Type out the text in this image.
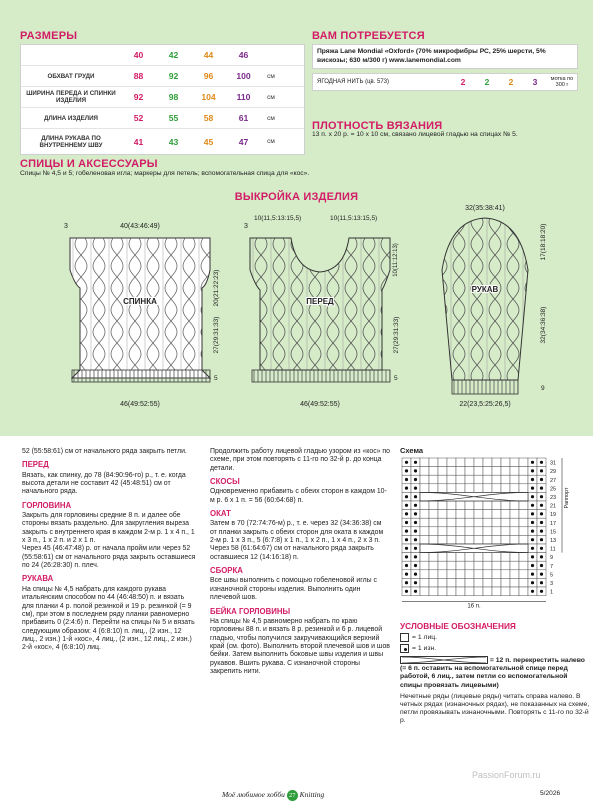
РАЗМЕРЫ
40	42	44	46
ОБХВАТ ГРУДИ	88	92	96	100	см
ШИРИНА ПЕРЕДА И СПИНКИ ИЗДЕЛИЯ	92	98	104	110	см
ДЛИНА ИЗДЕЛИЯ	52	55	58	61	см
ДЛИНА РУКАВА ПО ВНУТРЕННЕМУ ШВУ	41	43	45	47	см
ВАМ ПОТРЕБУЕТСЯ
Пряжа Lane Mondial «Oxford» (70% микрофибры РС, 25% шерсти, 5% вискозы; 630 м/300 г) www.lanemondial.com
ЯГОДНАЯ НИТЬ (цв. 573)	2	2	2	3	мотка по 300 г
ПЛОТНОСТЬ ВЯЗАНИЯ
13 п. х 20 р. = 10 х 10 см, связано лицевой гладью на спицах № 5.
СПИЦЫ И АКСЕССУАРЫ
Спицы № 4,5 и 5; гобеленовая игла; маркеры для петель; вспомогательная спица для «кос».
ВЫКРОЙКА ИЗДЕЛИЯ
СПИНКА
40(43:46:49)
3
46(49:52:55)
20(21:22:23)
27(29:31:33)
5
ПЕРЕД
10(11,5:13:15,5)	10(11,5:13:15,5)
10(11:12:13)
3
46(49:52:55)
27(29:31:33)
5
РУКАВ
32(35:38:41)
22(23,5:25:26,5)
17(18:18:20)
32(34:36:38)
9
52 (55:58:61) см от начального ряда закрыть петли.
ПЕРЕД
Вязать, как спинку, до 78 (84:90:96-го) р., т. е. когда высота детали не составит 42 (45:48:51) см от начального ряда.
ГОРЛОВИНА
Закрыть для горловины средние 8 п. и далее обе стороны вязать раздельно. Для закругления выреза закрыть с внутреннего края в каждом 2-м р. 1 х 4 п., 1 х 3 п., 1 х 2 п. и 2 х 1 п.
Через 45 (46:47:48) р. от начала пройм или через 52 (55:58:61) см от начального ряда закрыть оставшиеся по 24 (26:28:30) п. плеч.
РУКАВА
На спицы № 4,5 набрать для каждого рукава итальянским способом по 44 (46:48:50) п. и вязать для планки 4 р. полой резинкой и 19 р. резинкой (= 9 см), при этом в последнем ряду планки равномерно прибавить 0 (2:4:6) п. Перейти на спицы № 5 и вязать следующим образом: 4 (6:8:10) п. лиц., (2 изн., 12 лиц., 2 изн.) 1-й «кос», 4 лиц., (2 изн., 12 лиц., 2 изн.) 2-й «кос», 4 (6:8:10) лиц.
Продолжить работу лицевой гладью узором из «кос» по схеме, при этом повторять с 11-го по 32-й р. до конца детали.
СКОСЫ
Одновременно прибавить с обеих сторон в каждом 10-м р. 6 х 1 п. = 56 (60:64:68) п.
ОКАТ
Затем в 70 (72:74:76-м) р., т. е. через 32 (34:36:38) см от планки закрыть с обеих сторон для оката в каждом 2-м р. 1 х 3 п., 5 (6:7:8) х 1 п., 1 х 2 п., 1 х 4 п., 2 х 3 п. Через 58 (61:64:67) см от начального ряда закрыть оставшиеся 12 (14:16:18) п.
СБОРКА
Все швы выполнить с помощью гобеленовой иглы с изнаночной стороны изделия. Выполнить один плечевой шов.
БЕЙКА ГОРЛОВИНЫ
На спицы № 4,5 равномерно набрать по краю горловины 88 п. и вязать 8 р. резинкой и 6 р. лицевой гладью, чтобы получился закручивающийся верхний край (см. фото). Выполнить второй плечевой шов и шов бейки. Затем выполнить боковые швы изделия и швы рукавов. Вшить рукава. С изнаночной стороны закрепить нити.
Схема
31
29
27
25
23
21
19
17
15
13
11
9
7
5
3
1
16 п.
Раппорт
УСЛОВНЫЕ ОБОЗНАЧЕНИЯ
= 1 лиц.
= 1 изн.
= 12 п. перекрестить налево (= 6 п. оставить на вспомогательной спице перед работой, 6 лиц., затем петли со вспомогательной спицы провязать лицевыми)
Нечетные ряды (лицевые ряды) читать справа налево. В четных рядах (изнаночных рядах), не показанных на схеме, петли провязывать изнаночными. Повторять с 11-го по 32-й р.
Моё любимое хобби 27 Knitting	5/2026
PassionForum.ru
